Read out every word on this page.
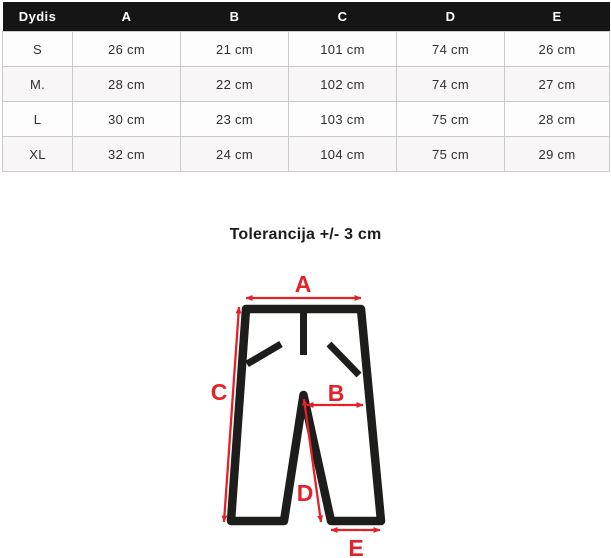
Dydis	A	B	C	D	E
S	26 cm	21 cm	101 cm	74 cm	26 cm
M.	28 cm	22 cm	102 cm	74 cm	27 cm
L	30 cm	23 cm	103 cm	75 cm	28 cm
XL	32 cm	24 cm	104 cm	75 cm	29 cm
Tolerancija +/- 3 cm
A
C	B
D
E
